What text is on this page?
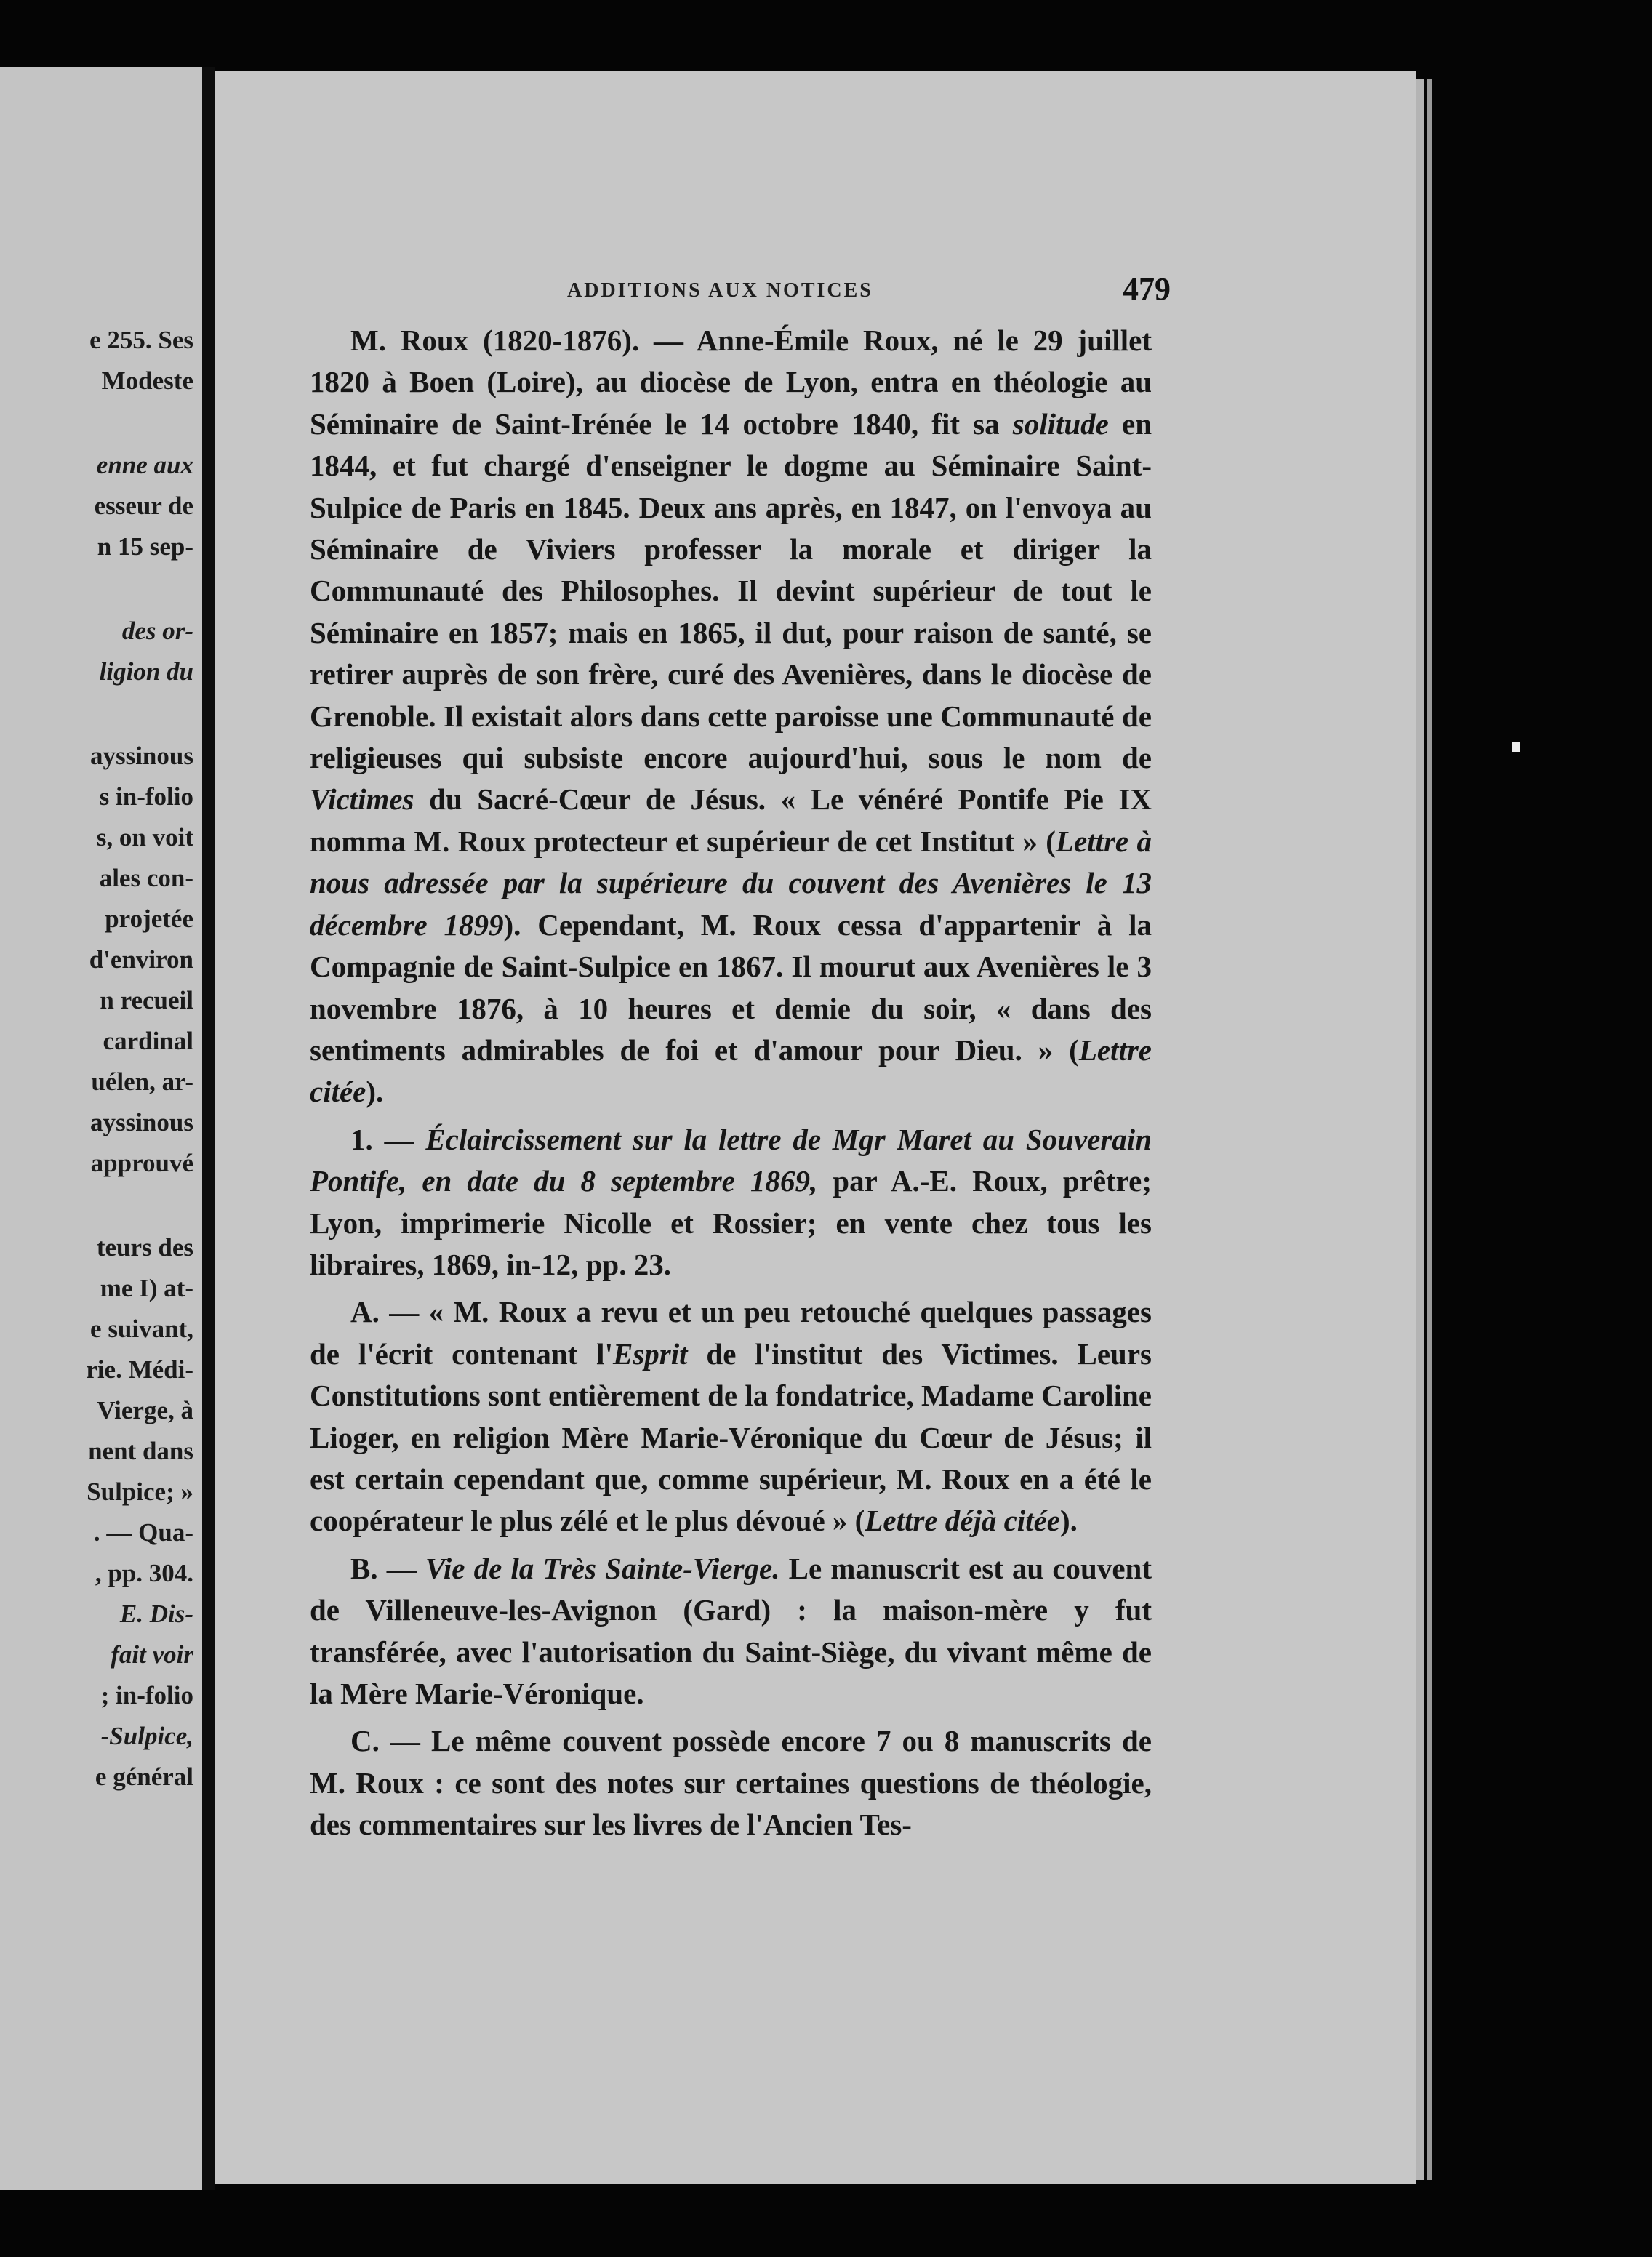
e 255. Ses
Modeste
enne aux
esseur de
n 15 sep-
des or-
ligion du
ayssinous
s in-folio
s, on voit
ales con-
projetée
d'environ
n recueil
cardinal
uélen, ar-
ayssinous
approuvé
teurs des
me I) at-
e suivant,
rie. Médi-
Vierge, à
nent dans
Sulpice; »
. — Qua-
, pp. 304.
E. Dis-
fait voir
; in-folio
-Sulpice,
e général
ADDITIONS AUX NOTICES	479

M. Roux (1820-1876). — Anne-Émile Roux, né le 29 juillet 1820 à Boen (Loire), au diocèse de Lyon, entra en théologie au Séminaire de Saint-Irénée le 14 octobre 1840, fit sa solitude en 1844, et fut chargé d'enseigner le dogme au Séminaire Saint-Sulpice de Paris en 1845. Deux ans après, en 1847, on l'envoya au Séminaire de Viviers professer la morale et diriger la Communauté des Philosophes. Il devint supérieur de tout le Séminaire en 1857; mais en 1865, il dut, pour raison de santé, se retirer auprès de son frère, curé des Avenières, dans le diocèse de Grenoble. Il existait alors dans cette paroisse une Communauté de religieuses qui subsiste encore aujourd'hui, sous le nom de Victimes du Sacré-Cœur de Jésus. « Le vénéré Pontife Pie IX nomma M. Roux protecteur et supérieur de cet Institut » (Lettre à nous adressée par la supérieure du couvent des Avenières le 13 décembre 1899). Cependant, M. Roux cessa d'appartenir à la Compagnie de Saint-Sulpice en 1867. Il mourut aux Avenières le 3 novembre 1876, à 10 heures et demie du soir, « dans des sentiments admirables de foi et d'amour pour Dieu. » (Lettre citée).

1. — Éclaircissement sur la lettre de Mgr Maret au Souverain Pontife, en date du 8 septembre 1869, par A.-E. Roux, prêtre; Lyon, imprimerie Nicolle et Rossier; en vente chez tous les libraires, 1869, in-12, pp. 23.

A. — « M. Roux a revu et un peu retouché quelques passages de l'écrit contenant l'Esprit de l'institut des Victimes. Leurs Constitutions sont entièrement de la fondatrice, Madame Caroline Lioger, en religion Mère Marie-Véronique du Cœur de Jésus; il est certain cependant que, comme supérieur, M. Roux en a été le coopérateur le plus zélé et le plus dévoué » (Lettre déjà citée).

B. — Vie de la Très Sainte-Vierge. Le manuscrit est au couvent de Villeneuve-les-Avignon (Gard) : la maison-mère y fut transférée, avec l'autorisation du Saint-Siège, du vivant même de la Mère Marie-Véronique.

C. — Le même couvent possède encore 7 ou 8 manuscrits de M. Roux : ce sont des notes sur certaines questions de théologie, des commentaires sur les livres de l'Ancien Tes-
